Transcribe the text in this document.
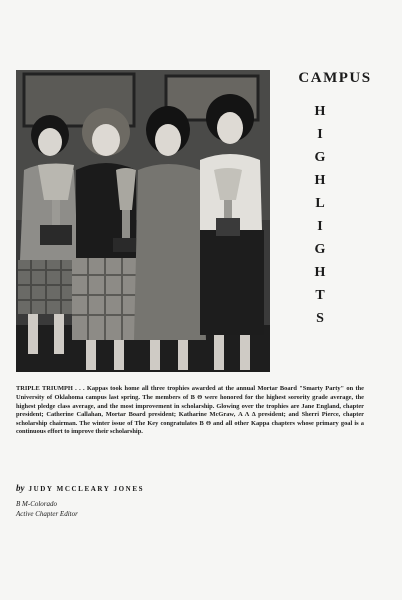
CAMPUS
H
I
G
H
L
I
G
H
T
S

TRIPLE TRIUMPH . . . Kappas took home all three trophies awarded at the annual Mortar Board "Smarty Party" on the University of Oklahoma campus last spring. The members of Β Θ were honored for the highest sorority grade average, the highest pledge class average, and the most improvement in scholarship. Glowing over the trophies are Jane England, chapter president; Catherine Callahan, Mortar Board president; Katharine McGraw, Α Λ Δ president; and Sherri Pierce, chapter scholarship chairman. The winter issue of The Key congratulates Β Θ and all other Kappa chapters whose primary goal is a continuous effort to improve their scholarship.

by JUDY MCCLEARY JONES
Β Μ-Colorado
Active Chapter Editor
